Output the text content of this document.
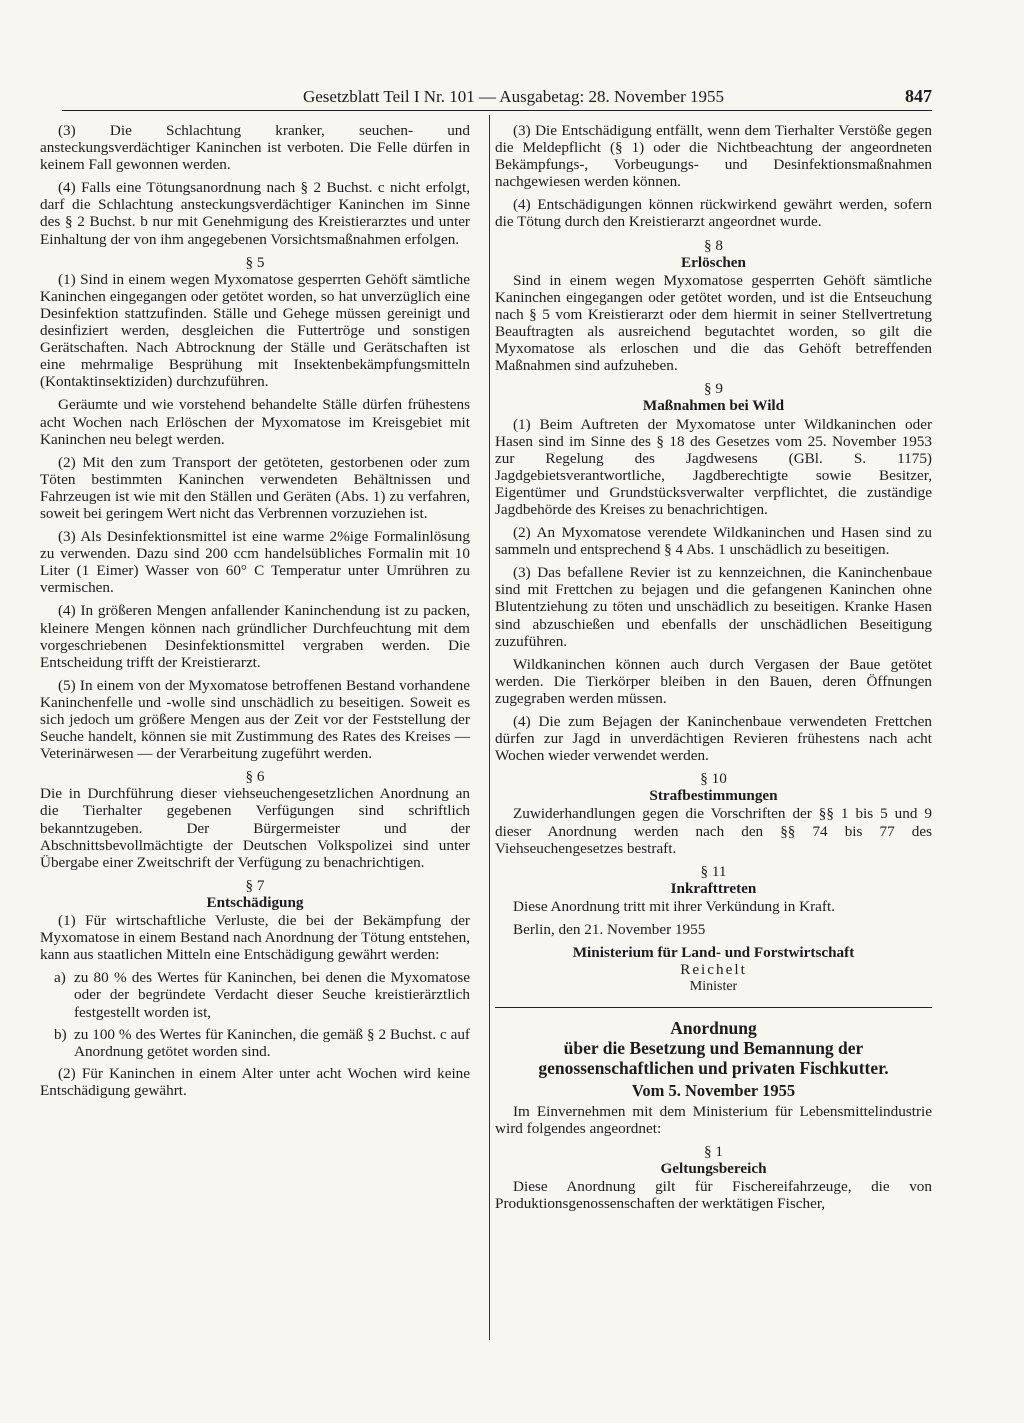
Gesetzblatt Teil I Nr. 101 — Ausgabetag: 28. November 1955	847

(3) Die Schlachtung kranker, seuchen- und ansteckungsverdächtiger Kaninchen ist verboten. Die Felle dürfen in keinem Fall gewonnen werden.

(4) Falls eine Tötungsanordnung nach § 2 Buchst. c nicht erfolgt, darf die Schlachtung ansteckungsverdächtiger Kaninchen im Sinne des § 2 Buchst. b nur mit Genehmigung des Kreistierarztes und unter Einhaltung der von ihm angegebenen Vorsichtsmaßnahmen erfolgen.

§ 5

(1) Sind in einem wegen Myxomatose gesperrten Gehöft sämtliche Kaninchen eingegangen oder getötet worden, so hat unverzüglich eine Desinfektion stattzufinden. Ställe und Gehege müssen gereinigt und desinfiziert werden, desgleichen die Futtertröge und sonstigen Gerätschaften. Nach Abtrocknung der Ställe und Gerätschaften ist eine mehrmalige Besprühung mit Insektenbekämpfungsmitteln (Kontaktinsektiziden) durchzuführen.

Geräumte und wie vorstehend behandelte Ställe dürfen frühestens acht Wochen nach Erlöschen der Myxomatose im Kreisgebiet mit Kaninchen neu belegt werden.

(2) Mit den zum Transport der getöteten, gestorbenen oder zum Töten bestimmten Kaninchen verwendeten Behältnissen und Fahrzeugen ist wie mit den Ställen und Geräten (Abs. 1) zu verfahren, soweit bei geringem Wert nicht das Verbrennen vorzuziehen ist.

(3) Als Desinfektionsmittel ist eine warme 2%ige Formalinlösung zu verwenden. Dazu sind 200 ccm handelsübliches Formalin mit 10 Liter (1 Eimer) Wasser von 60° C Temperatur unter Umrühren zu vermischen.

(4) In größeren Mengen anfallender Kaninchendung ist zu packen, kleinere Mengen können nach gründlicher Durchfeuchtung mit dem vorgeschriebenen Desinfektionsmittel vergraben werden. Die Entscheidung trifft der Kreistierarzt.

(5) In einem von der Myxomatose betroffenen Bestand vorhandene Kaninchenfelle und -wolle sind unschädlich zu beseitigen. Soweit es sich jedoch um größere Mengen aus der Zeit vor der Feststellung der Seuche handelt, können sie mit Zustimmung des Rates des Kreises — Veterinärwesen — der Verarbeitung zugeführt werden.

§ 6

Die in Durchführung dieser viehseuchengesetzlichen Anordnung an die Tierhalter gegebenen Verfügungen sind schriftlich bekanntzugeben. Der Bürgermeister und der Abschnittsbevollmächtigte der Deutschen Volkspolizei sind unter Übergabe einer Zweitschrift der Verfügung zu benachrichtigen.

§ 7
Entschädigung

(1) Für wirtschaftliche Verluste, die bei der Bekämpfung der Myxomatose in einem Bestand nach Anordnung der Tötung entstehen, kann aus staatlichen Mitteln eine Entschädigung gewährt werden:

a) zu 80 % des Wertes für Kaninchen, bei denen die Myxomatose oder der begründete Verdacht dieser Seuche kreistierärztlich festgestellt worden ist,
b) zu 100 % des Wertes für Kaninchen, die gemäß § 2 Buchst. c auf Anordnung getötet worden sind.

(2) Für Kaninchen in einem Alter unter acht Wochen wird keine Entschädigung gewährt.

(3) Die Entschädigung entfällt, wenn dem Tierhalter Verstöße gegen die Meldepflicht (§ 1) oder die Nichtbeachtung der angeordneten Bekämpfungs-, Vorbeugungs- und Desinfektionsmaßnahmen nachgewiesen werden können.

(4) Entschädigungen können rückwirkend gewährt werden, sofern die Tötung durch den Kreistierarzt angeordnet wurde.

§ 8
Erlöschen

Sind in einem wegen Myxomatose gesperrten Gehöft sämtliche Kaninchen eingegangen oder getötet worden, und ist die Entseuchung nach § 5 vom Kreistierarzt oder dem hiermit in seiner Stellvertretung Beauftragten als ausreichend begutachtet worden, so gilt die Myxomatose als erloschen und die das Gehöft betreffenden Maßnahmen sind aufzuheben.

§ 9
Maßnahmen bei Wild

(1) Beim Auftreten der Myxomatose unter Wildkaninchen oder Hasen sind im Sinne des § 18 des Gesetzes vom 25. November 1953 zur Regelung des Jagdwesens (GBl. S. 1175) Jagdgebietsverantwortliche, Jagdberechtigte sowie Besitzer, Eigentümer und Grundstücksverwalter verpflichtet, die zuständige Jagdbehörde des Kreises zu benachrichtigen.

(2) An Myxomatose verendete Wildkaninchen und Hasen sind zu sammeln und entsprechend § 4 Abs. 1 unschädlich zu beseitigen.

(3) Das befallene Revier ist zu kennzeichnen, die Kaninchenbaue sind mit Frettchen zu bejagen und die gefangenen Kaninchen ohne Blutentziehung zu töten und unschädlich zu beseitigen. Kranke Hasen sind abzuschießen und ebenfalls der unschädlichen Beseitigung zuzuführen.

Wildkaninchen können auch durch Vergasen der Baue getötet werden. Die Tierkörper bleiben in den Bauen, deren Öffnungen zugegraben werden müssen.

(4) Die zum Bejagen der Kaninchenbaue verwendeten Frettchen dürfen zur Jagd in unverdächtigen Revieren frühestens nach acht Wochen wieder verwendet werden.

§ 10
Strafbestimmungen

Zuwiderhandlungen gegen die Vorschriften der §§ 1 bis 5 und 9 dieser Anordnung werden nach den §§ 74 bis 77 des Viehseuchengesetzes bestraft.

§ 11
Inkrafttreten

Diese Anordnung tritt mit ihrer Verkündung in Kraft.

Berlin, den 21. November 1955

Ministerium für Land- und Forstwirtschaft
Reichelt
Minister
Anordnung
über die Besetzung und Bemannung der genossenschaftlichen und privaten Fischkutter.
Vom 5. November 1955

Im Einvernehmen mit dem Ministerium für Lebensmittelindustrie wird folgendes angeordnet:

§ 1
Geltungsbereich

Diese Anordnung gilt für Fischereifahrzeuge, die von Produktionsgenossenschaften der werktätigen Fischer,
